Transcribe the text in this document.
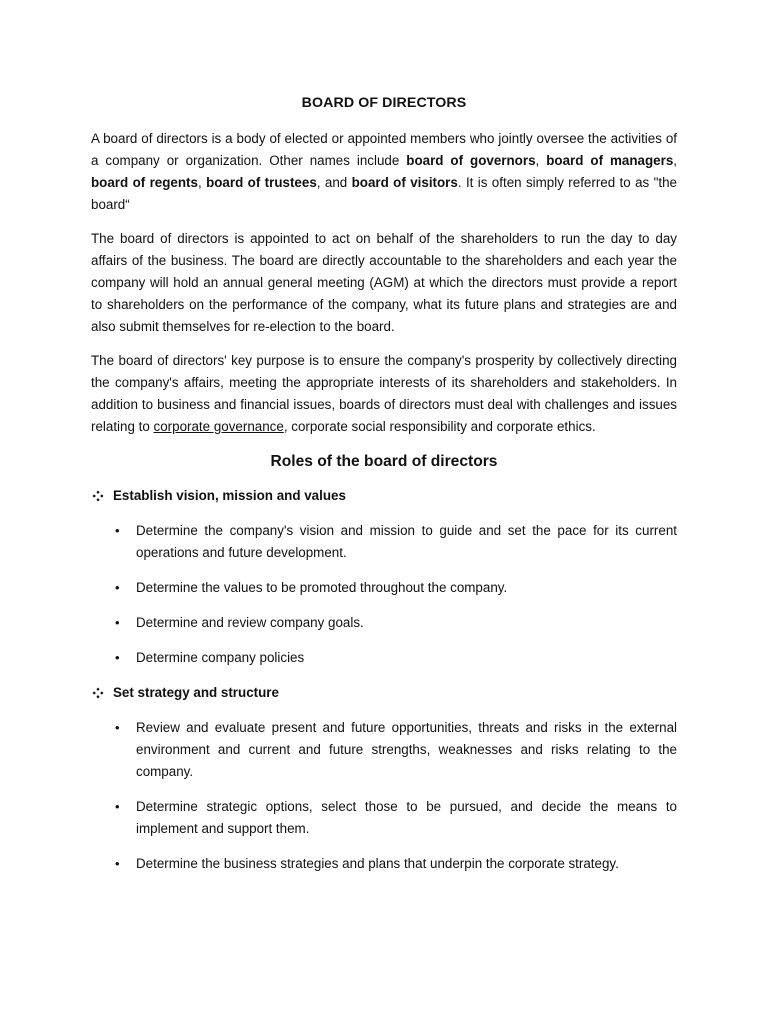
BOARD OF DIRECTORS

A board of directors is a body of elected or appointed members who jointly oversee the activities of a company or organization. Other names include board of governors, board of managers, board of regents, board of trustees, and board of visitors. It is often simply referred to as "the board“

The board of directors is appointed to act on behalf of the shareholders to run the day to day affairs of the business. The board are directly accountable to the shareholders and each year the company will hold an annual general meeting (AGM) at which the directors must provide a report to shareholders on the performance of the company, what its future plans and strategies are and also submit themselves for re-election to the board.

The board of directors' key purpose is to ensure the company's prosperity by collectively directing the company's affairs, meeting the appropriate interests of its shareholders and stakeholders. In addition to business and financial issues, boards of directors must deal with challenges and issues relating to corporate governance, corporate social responsibility and corporate ethics.

Roles of the board of directors
Establish vision, mission and values
• Determine the company's vision and mission to guide and set the pace for its current operations and future development.
• Determine the values to be promoted throughout the company.
• Determine and review company goals.
• Determine company policies
Set strategy and structure
• Review and evaluate present and future opportunities, threats and risks in the external environment and current and future strengths, weaknesses and risks relating to the company.
• Determine strategic options, select those to be pursued, and decide the means to implement and support them.
• Determine the business strategies and plans that underpin the corporate strategy.
